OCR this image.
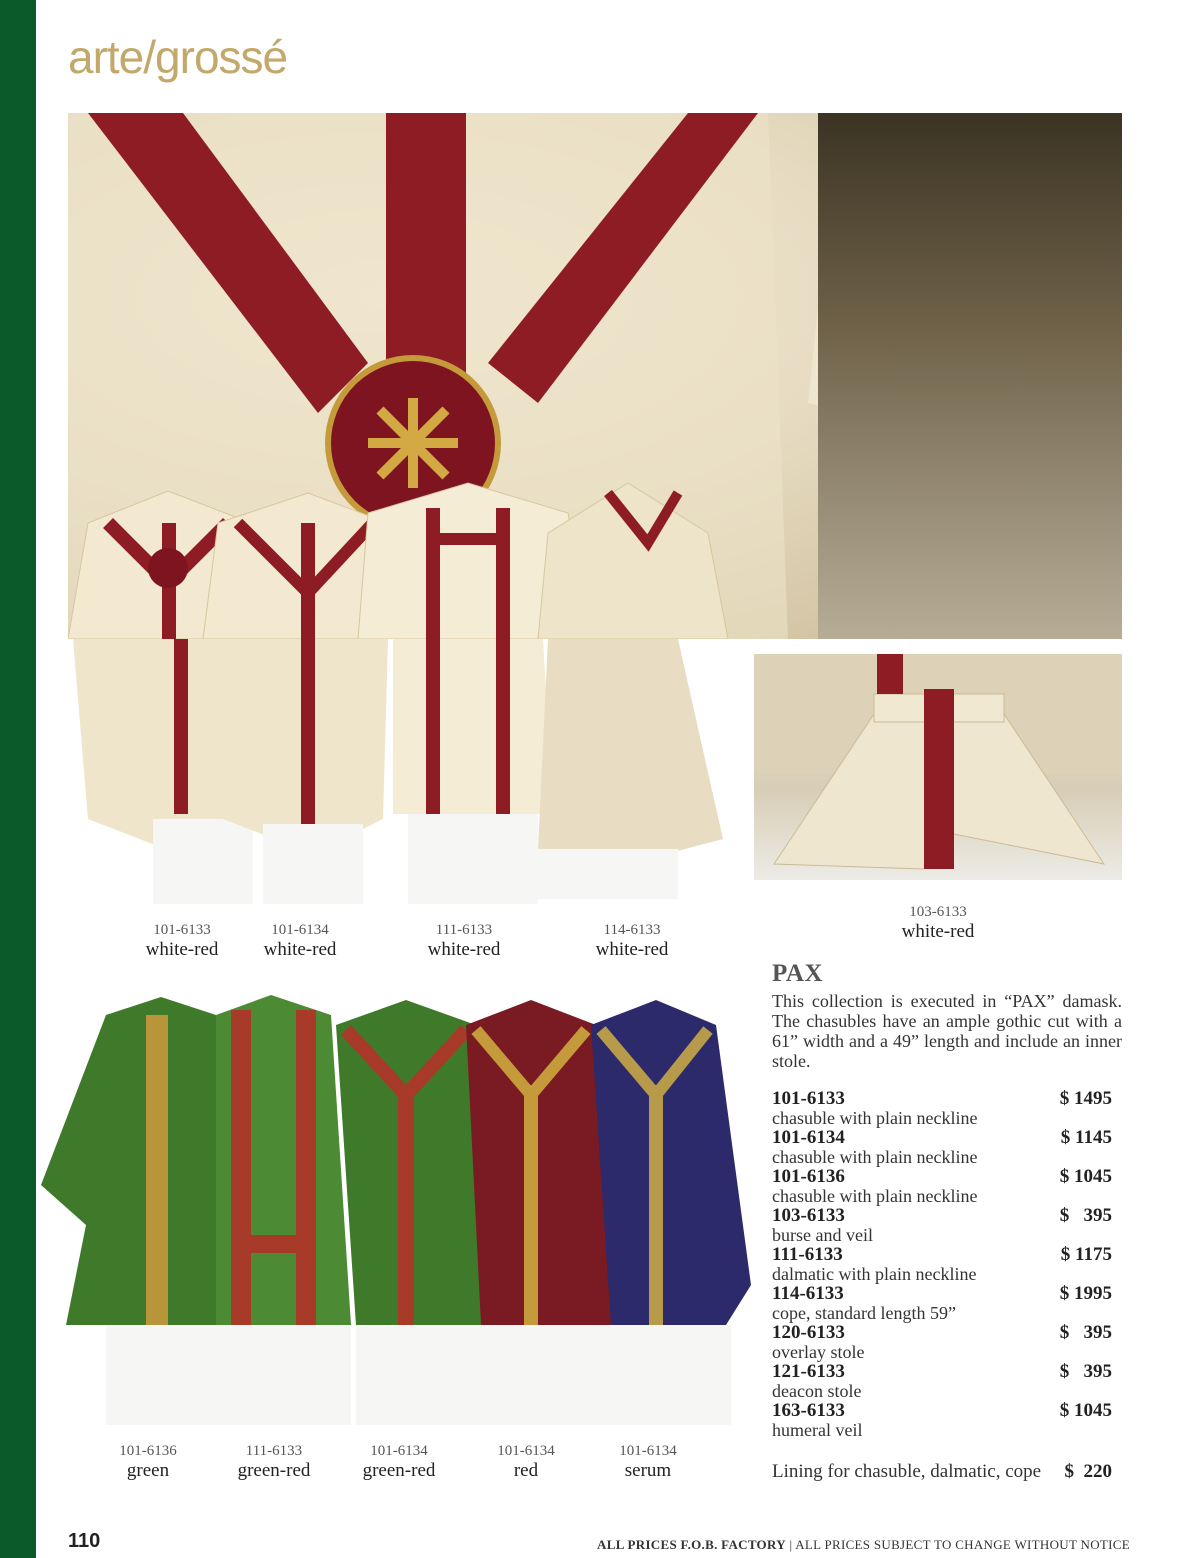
arte/grossé
101-6133
white-red
101-6134
white-red
111-6133
white-red
114-6133
white-red
103-6133
white-red
101-6136
green
111-6133
green-red
101-6134
green-red
101-6134
red
101-6134
serum
PAX
This collection is executed in “PAX” damask. The chasubles have an ample gothic cut with a 61” width and a 49” length and include an inner stole.
101-6133	$ 1495
chasuble with plain neckline
101-6134	$ 1145
chasuble with plain neckline
101-6136	$ 1045
chasuble with plain neckline
103-6133	$   395
burse and veil
111-6133	$ 1175
dalmatic with plain neckline
114-6133	$ 1995
cope, standard length 59”
120-6133	$   395
overlay stole
121-6133	$   395
deacon stole
163-6133	$ 1045
humeral veil
Lining for chasuble, dalmatic, cope $  220
110	ALL PRICES F.O.B. FACTORY | ALL PRICES SUBJECT TO CHANGE WITHOUT NOTICE
